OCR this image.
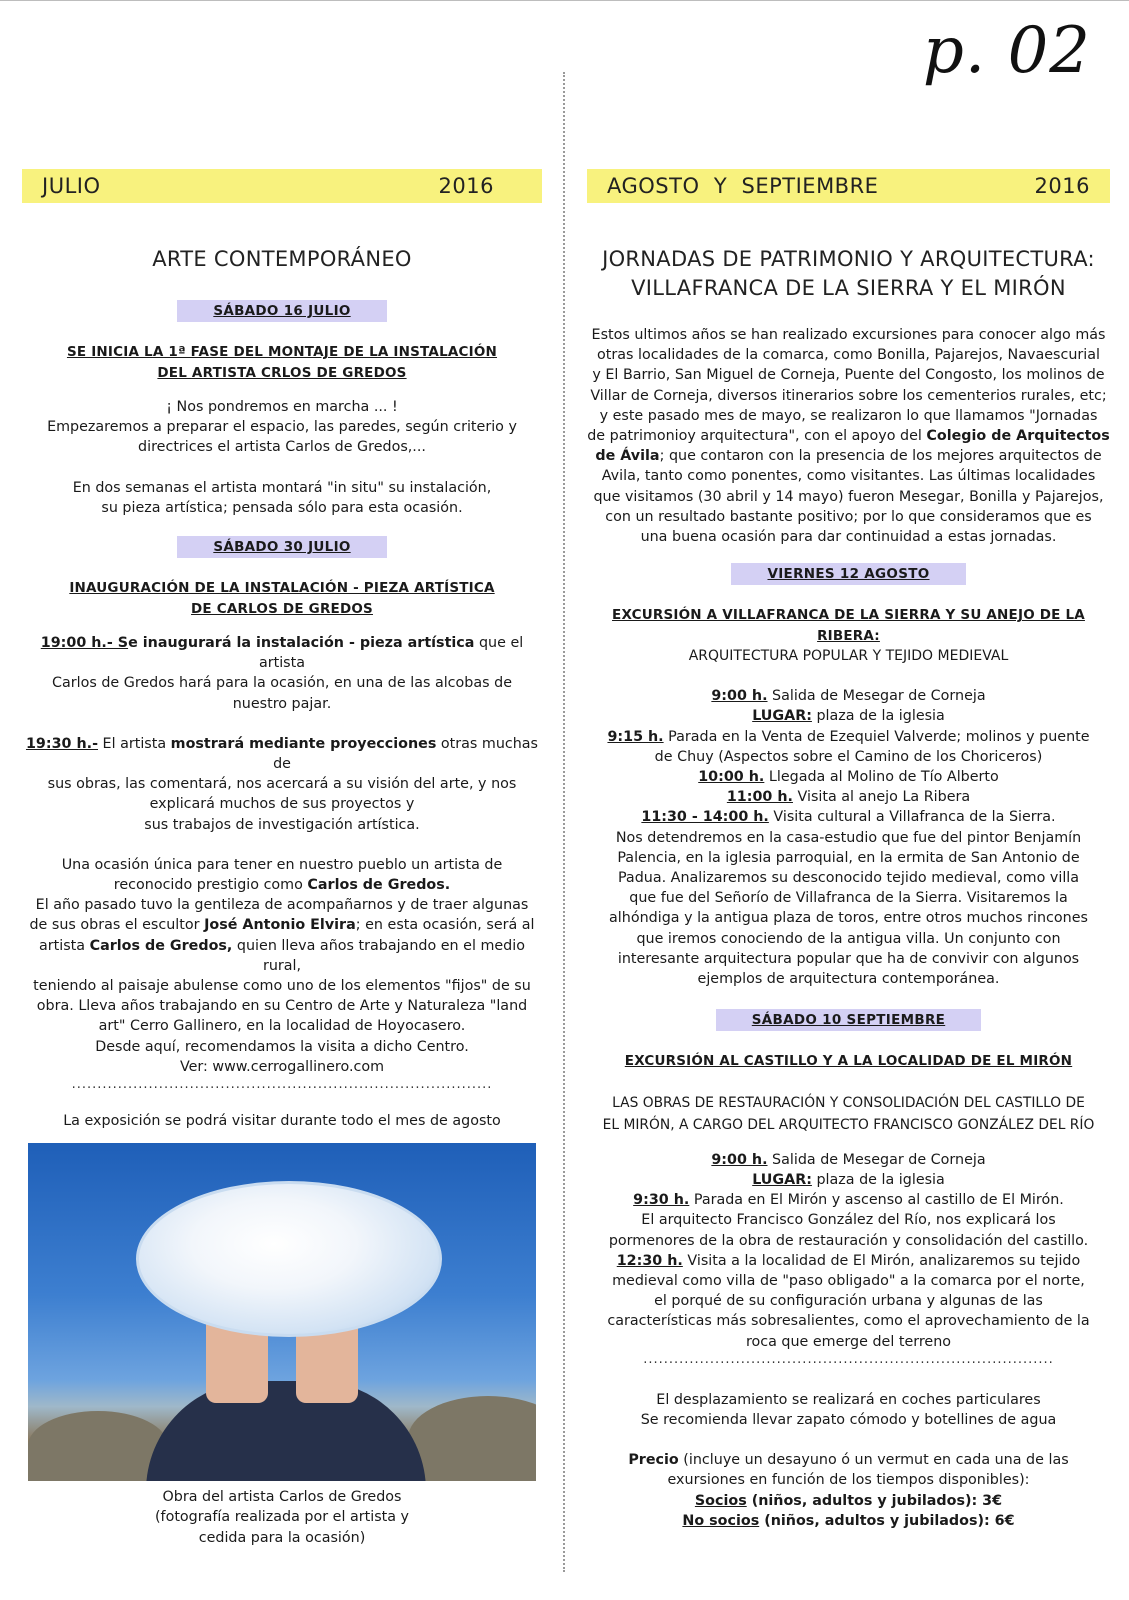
p. 02
JULIO	2016
ARTE CONTEMPORÁNEO
SÁBADO 16 JULIO
SE INICIA LA 1ª FASE DEL MONTAJE DE LA INSTALACIÓN
DEL ARTISTA CRLOS DE GREDOS

¡ Nos pondremos en marcha ... !
Empezaremos a preparar el espacio, las paredes, según criterio y
directrices el artista Carlos de Gredos,...

En dos semanas el artista montará "in situ" su instalación,
su pieza artística; pensada sólo para esta ocasión.

SÁBADO 30 JULIO
INAUGURACIÓN DE LA INSTALACIÓN - PIEZA ARTÍSTICA
DE CARLOS DE GREDOS

19:00 h.- Se inaugurará la instalación - pieza artística que el artista
Carlos de Gredos hará para la ocasión, en una de las alcobas de
nuestro pajar.

19:30 h.- El artista mostrará mediante proyecciones otras muchas de
sus obras, las comentará, nos acercará a su visión del arte, y nos
explicará muchos de sus proyectos y
sus trabajos de investigación artística.

Una ocasión única para tener en nuestro pueblo un artista de
reconocido prestigio como Carlos de Gredos.
El año pasado tuvo la gentileza de acompañarnos y de traer algunas
de sus obras el escultor José Antonio Elvira; en esta ocasión, será al
artista Carlos de Gredos, quien lleva años trabajando en el medio rural,
teniendo al paisaje abulense como uno de los elementos "fijos" de su
obra. Lleva años trabajando en su Centro de Arte y Naturaleza "land
art" Cerro Gallinero, en la localidad de Hoyocasero.
Desde aquí, recomendamos la visita a dicho Centro.
Ver: www.cerrogallinero.com

..................................................................................

La exposición se podrá visitar durante todo el mes de agosto

Obra del artista Carlos de Gredos
(fotografía realizada por el artista y
cedida para la ocasión)

AGOSTO  Y  SEPTIEMBRE	2016
JORNADAS DE PATRIMONIO Y ARQUITECTURA:
VILLAFRANCA DE LA SIERRA Y EL MIRÓN

Estos ultimos años se han realizado excursiones para conocer algo más
otras localidades de la comarca, como Bonilla, Pajarejos, Navaescurial
y El Barrio, San Miguel de Corneja, Puente del Congosto, los molinos de
Villar de Corneja, diversos itinerarios sobre los cementerios rurales, etc;
y este pasado mes de mayo, se realizaron lo que llamamos "Jornadas
de patrimonioy arquitectura", con el apoyo del Colegio de Arquitectos
de Ávila; que contaron con la presencia de los mejores arquitectos de
Avila, tanto como ponentes, como visitantes. Las últimas localidades
que visitamos (30 abril y 14 mayo) fueron Mesegar, Bonilla y Pajarejos,
con un resultado bastante positivo; por lo que consideramos que es
una buena ocasión para dar continuidad a estas jornadas.

VIERNES 12 AGOSTO
EXCURSIÓN A VILLAFRANCA DE LA SIERRA Y SU ANEJO DE LA RIBERA:
ARQUITECTURA POPULAR Y TEJIDO MEDIEVAL

9:00 h. Salida de Mesegar de Corneja
LUGAR: plaza de la iglesia
9:15 h. Parada en la Venta de Ezequiel Valverde; molinos y puente
de Chuy (Aspectos sobre el Camino de los Choriceros)
10:00 h. Llegada al Molino de Tío Alberto
11:00 h. Visita al anejo La Ribera
11:30 - 14:00 h. Visita cultural a Villafranca de la Sierra.
Nos detendremos en la casa-estudio que fue del pintor Benjamín
Palencia, en la iglesia parroquial, en la ermita de San Antonio de
Padua. Analizaremos su desconocido tejido medieval, como villa
que fue del Señorío de Villafranca de la Sierra. Visitaremos la
alhóndiga y la antigua plaza de toros, entre otros muchos rincones
que iremos conociendo de la antigua villa. Un conjunto con
interesante arquitectura popular que ha de convivir con algunos
ejemplos de arquitectura contemporánea.

SÁBADO 10 SEPTIEMBRE
EXCURSIÓN AL CASTILLO Y A LA LOCALIDAD DE EL MIRÓN

LAS OBRAS DE RESTAURACIÓN Y CONSOLIDACIÓN DEL CASTILLO DE
EL MIRÓN, A CARGO DEL ARQUITECTO FRANCISCO GONZÁLEZ DEL RÍO

9:00 h. Salida de Mesegar de Corneja
LUGAR: plaza de la iglesia
9:30 h. Parada en El Mirón y ascenso al castillo de El Mirón.
El arquitecto Francisco González del Río, nos explicará los
pormenores de la obra de restauración y consolidación del castillo.
12:30 h. Visita a la localidad de El Mirón, analizaremos su tejido
medieval como villa de "paso obligado" a la comarca por el norte,
el porqué de su configuración urbana y algunas de las
características más sobresalientes, como el aprovechamiento de la
roca que emerge del terreno

................................................................................

El desplazamiento se realizará en coches particulares
Se recomienda llevar zapato cómodo y botellines de agua

Precio (incluye un desayuno ó un vermut en cada una de las
exursiones en función de los tiempos disponibles):
Socios (niños, adultos y jubilados): 3€
No socios (niños, adultos y jubilados): 6€
